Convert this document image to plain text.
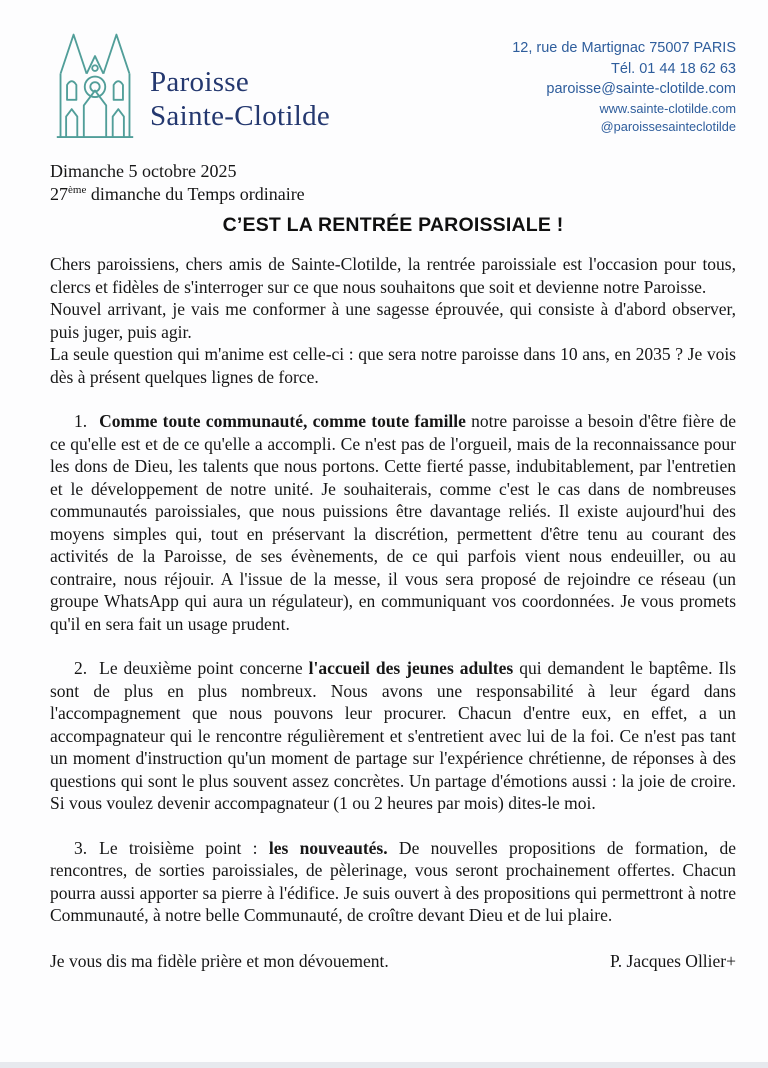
Paroisse
Sainte-Clotilde
12, rue de Martignac 75007 PARIS
Tél. 01 44 18 62 63
paroisse@sainte-clotilde.com
www.sainte-clotilde.com
@paroissesainteclotilde

Dimanche 5 octobre 2025

27ème dimanche du Temps ordinaire

C’EST LA RENTRÉE PAROISSIALE !

Chers paroissiens, chers amis de Sainte-Clotilde, la rentrée paroissiale est l'occasion pour tous, clercs et fidèles de s'interroger sur ce que nous souhaitons que soit et devienne notre Paroisse.

Nouvel arrivant, je vais me conformer à une sagesse éprouvée, qui consiste à d'abord observer, puis juger, puis agir.

La seule question qui m'anime est celle-ci : que sera notre paroisse dans 10 ans, en 2035 ? Je vois dès à présent quelques lignes de force.

1. Comme toute communauté, comme toute famille notre paroisse a besoin d'être fière de ce qu'elle est et de ce qu'elle a accompli. Ce n'est pas de l'orgueil, mais de la reconnaissance pour les dons de Dieu, les talents que nous portons. Cette fierté passe, indubitablement, par l'entretien et le développement de notre unité. Je souhaiterais, comme c'est le cas dans de nombreuses communautés paroissiales, que nous puissions être davantage reliés. Il existe aujourd'hui des moyens simples qui, tout en préservant la discrétion, permettent d'être tenu au courant des activités de la Paroisse, de ses évènements, de ce qui parfois vient nous endeuiller, ou au contraire, nous réjouir. A l'issue de la messe, il vous sera proposé de rejoindre ce réseau (un groupe WhatsApp qui aura un régulateur), en communiquant vos coordonnées. Je vous promets qu'il en sera fait un usage prudent.

2. Le deuxième point concerne l'accueil des jeunes adultes qui demandent le baptême. Ils sont de plus en plus nombreux. Nous avons une responsabilité à leur égard dans l'accompagnement que nous pouvons leur procurer. Chacun d'entre eux, en effet, a un accompagnateur qui le rencontre régulièrement et s'entretient avec lui de la foi. Ce n'est pas tant un moment d'instruction qu'un moment de partage sur l'expérience chrétienne, de réponses à des questions qui sont le plus souvent assez concrètes. Un partage d'émotions aussi : la joie de croire. Si vous voulez devenir accompagnateur (1 ou 2 heures par mois) dites-le moi.

3. Le troisième point : les nouveautés. De nouvelles propositions de formation, de rencontres, de sorties paroissiales, de pèlerinage, vous seront prochainement offertes. Chacun pourra aussi apporter sa pierre à l'édifice. Je suis ouvert à des propositions qui permettront à notre Communauté, à notre belle Communauté, de croître devant Dieu et de lui plaire.

Je vous dis ma fidèle prière et mon dévouement.	P. Jacques Ollier+
